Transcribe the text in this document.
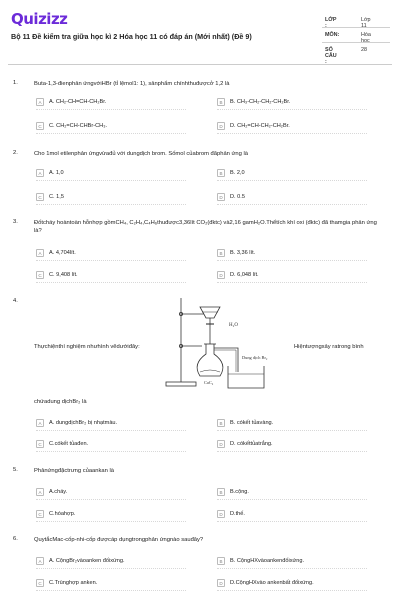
Quizizz
Bộ 11 Đề kiểm tra giữa học kì 2 Hóa học 11 có đáp án (Mới nhất) (Đề 9)
LỚP :
Lớp 11
MÔN:	Hóa học
SỐ CÂU :
28
1.	Buta-1,3-đienphản ứngvớiHBr (tỉ lệmol1: 1), sảnphẩm chínhthuđượcở 1,2 là
A	A. CH₂-CH=CH-CH₂Br.	B	B. CH₃-CH₂-CH₂-CH₂Br.
C	C. CH₂=CH-CHBr-CH₃.	D	D. CH₂=CH-CH₂-CH₂Br.
2.	Cho 1mol etilenphản ứngvừađủ với dungdịch brom. Sốmol củabrom đãphản ứng là
A	A. 1,0	B	B. 2,0
C	C. 1,5	D	D. 0.5
3.	Đốtcháy hoàntoàn hỗnhợp gồmCH₄, C₂H₄,C₄H₆thuđược3,36lít CO₂(đktc) và2,16 gamH₂O.Thểtích khí oxi (đktc) đã thamgia phản ứng là?
A	A. 4,704lít.	B	B. 3,36 lít.
C	C. 9,408 lít.	D	D. 6,048 lít.
4.
Thựchiệnthí nghiệm nhưhình vẽdướiđây:	Hiệntượngxảy ratrong bình
H₂O
Dung dịch Br₂
CaC₂
chứadung dịchBr₂ là
A	A. dungdịchBr₂ bị nhạtmàu.	B	B. cókết tủavàng.
C	C.cókết tủađen.	D	D. cókếttủatrắng.
5.	Phảnứngđặctrưng củaankan là
A	A.cháy.	B	B.cộng.
C	C.hóahợp.	D	D.thế.
6.	QuytắcMac-cốp-nhi-cốp đượcáp dụngtrongphản ứngnào sauđây?
A	A. CộngBr₂vàoanken đốixứng.	B	B. CộngHXvàoankenđốixứng.
C	C.Trùnghợp anken.	D	D.CộngHXvào ankenbất đốixứng.
